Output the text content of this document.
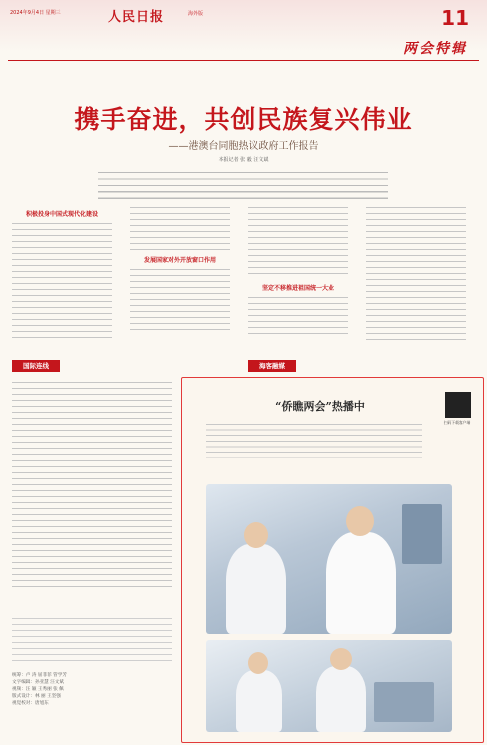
2024年9月4日 星期三	人民日报	海外版	11
两会特辑
携手奋进，共创民族复兴伟业
——港澳台同胞热议政府工作报告
本报记者 张 毅 汪文斌
积极投身中国式现代化建设
发展国家对外开放窗口作用
坚定不移推进祖国统一大业
国际连线	海客融媒
统筹：卢 涛 屈菲菲 管学芳
文字编辑：孙亚慧 汪文斌
视频：汪 颖 王秀丽 张 佩
版式设计：林 丽 王坚强
视觉校对：唐旭东
“侨瞧两会”热播中
扫码下载客户端
